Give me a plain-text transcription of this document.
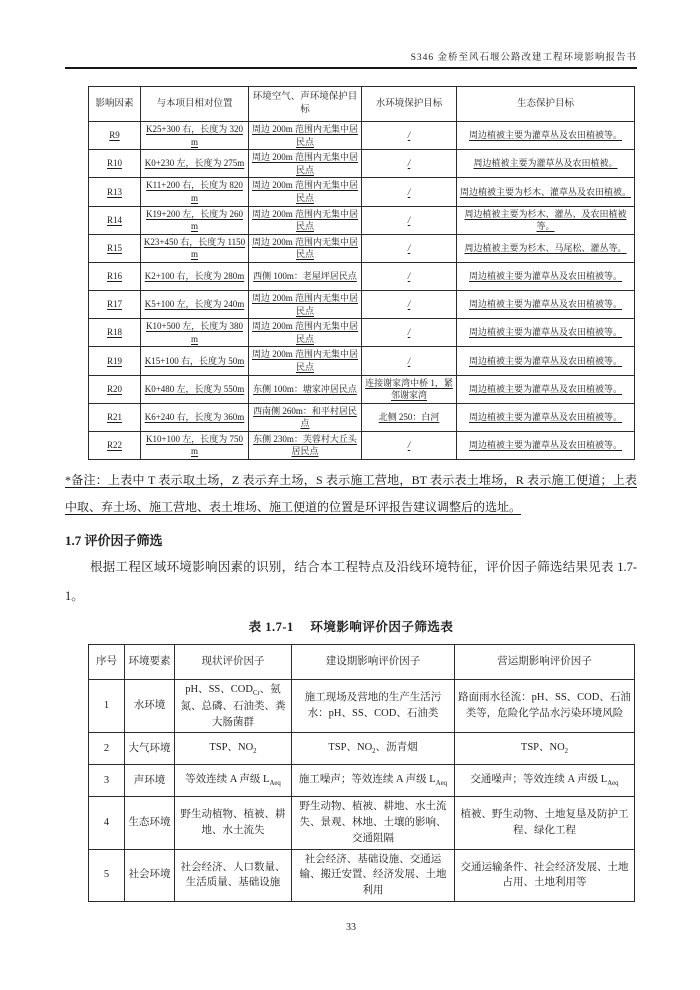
S346 金桥至风石堰公路改建工程环境影响报告书
影响因素	与本项目相对位置	环境空气、声环境保护目标	水环境保护目标	生态保护目标
R9	K25+300 右，长度为 320m	周边 200m 范围内无集中居民点	/	周边植被主要为灌草丛及农田植被等。
R10	K0+230 左，长度为 275m	周边 200m 范围内无集中居民点	/	周边植被主要为灌草丛及农田植被。
R13	K11+200 右，长度为 820m	周边 200m 范围内无集中居民点	/	周边植被主要为杉木、灌草丛及农田植被。
R14	K19+200 左，长度为 260m	周边 200m 范围内无集中居民点	/	周边植被主要为杉木、灌丛、及农田植被等。
R15	K23+450 右，长度为 1150m	周边 200m 范围内无集中居民点	/	周边植被主要为杉木、马尾松、灌丛等。
R16	K2+100 右，长度为 280m	西侧 100m：老屋坪居民点	/	周边植被主要为灌草丛及农田植被等。
R17	K5+100 左，长度为 240m	周边 200m 范围内无集中居民点	/	周边植被主要为灌草丛及农田植被等。
R18	K10+500 左，长度为 380m	周边 200m 范围内无集中居民点	/	周边植被主要为灌草丛及农田植被等。
R19	K15+100 右，长度为 50m	周边 200m 范围内无集中居民点	/	周边植被主要为灌草丛及农田植被等。
R20	K0+480 左，长度为 550m	东侧 100m：塘家冲居民点	连接谢家湾中桥 1，紧邻谢家湾	周边植被主要为灌草丛及农田植被等。
R21	K6+240 右，长度为 360m	西南侧 260m：和平村居民点	北侧 250：白河	周边植被主要为灌草丛及农田植被等。
R22	K10+100 左，长度为 750m	东侧 230m：芙蓉村大丘头居民点	/	周边植被主要为灌草丛及农田植被等。
*备注：上表中 T 表示取土场，Z 表示弃土场，S 表示施工营地，BT 表示表土堆场，R 表示施工便道；上表中取、弃土场、施工营地、表土堆场、施工便道的位置是环评报告建议调整后的选址。
1.7 评价因子筛选
根据工程区域环境影响因素的识别，结合本工程特点及沿线环境特征，评价因子筛选结果见表 1.7-1。
表 1.7-1　 环境影响评价因子筛选表
序号	环境要素	现状评价因子	建设期影响评价因子	营运期影响评价因子
1	水环境	pH、SS、$COD_{Cr}$、氨氮、总磷、石油类、粪大肠菌群	施工现场及营地的生产生活污水：pH、SS、COD、石油类	路面雨水径流：pH、SS、COD、石油类等，危险化学品水污染环境风险
2	大气环境	TSP、$NO_2$	TSP、$NO_2$、沥青烟	TSP、$NO_2$
3	声环境	等效连续 A 声级 $L_{Aeq}$	施工噪声；等效连续 A 声级 $L_{Aeq}$	交通噪声；等效连续 A 声级 $L_{Aeq}$
4	生态环境	野生动植物、植被、耕地、水土流失	野生动物、植被、耕地、水土流失、景观、林地、土壤的影响、交通阻隔	植被、野生动物、土地复垦及防护工程、绿化工程
5	社会环境	社会经济、人口数量、生活质量、基础设施	社会经济、基础设施、交通运输、搬迁安置、经济发展、土地利用	交通运输条件、社会经济发展、土地占用、土地利用等
33
